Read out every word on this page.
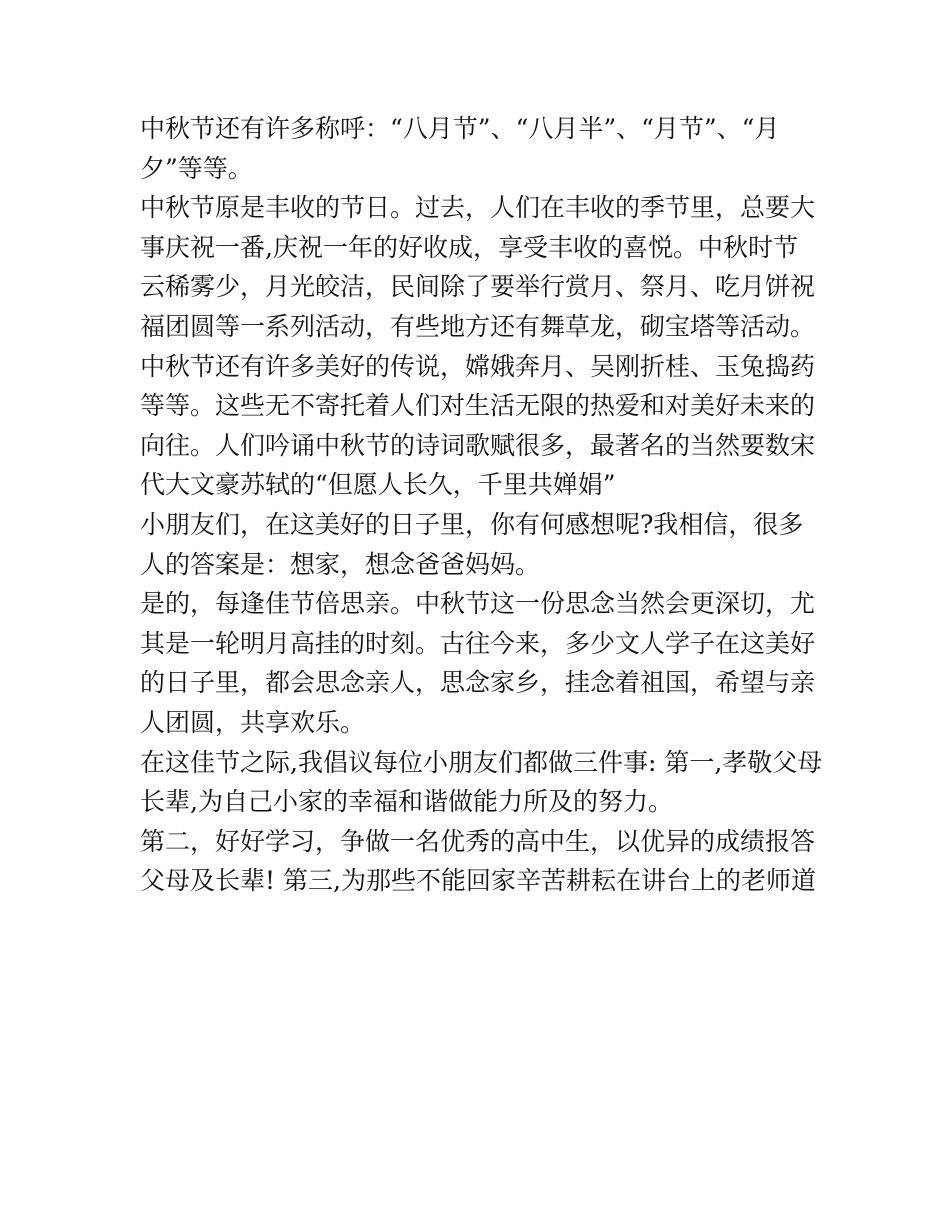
中秋节还有许多称呼：“八月节”、“八月半”、“月节”、“月
夕”等等。
中秋节原是丰收的节日。过去，人们在丰收的季节里，总要大
事庆祝一番,庆祝一年的好收成，享受丰收的喜悦。中秋时节
云稀雾少，月光皎洁，民间除了要举行赏月、祭月、吃月饼祝
福团圆等一系列活动，有些地方还有舞草龙，砌宝塔等活动。
中秋节还有许多美好的传说，嫦娥奔月、吴刚折桂、玉兔捣药
等等。这些无不寄托着人们对生活无限的热爱和对美好未来的
向往。人们吟诵中秋节的诗词歌赋很多，最著名的当然要数宋
代大文豪苏轼的“但愿人长久，千里共婵娟”
小朋友们，在这美好的日子里，你有何感想呢?我相信，很多
人的答案是：想家，想念爸爸妈妈。
是的，每逢佳节倍思亲。中秋节这一份思念当然会更深切，尤
其是一轮明月高挂的时刻。古往今来，多少文人学子在这美好
的日子里，都会思念亲人，思念家乡，挂念着祖国，希望与亲
人团圆，共享欢乐。
在这佳节之际,我倡议每位小朋友们都做三件事: 第一,孝敬父母
长辈,为自己小家的幸福和谐做能力所及的努力。
第二，好好学习，争做一名优秀的高中生，以优异的成绩报答
父母及长辈! 第三,为那些不能回家辛苦耕耘在讲台上的老师道
